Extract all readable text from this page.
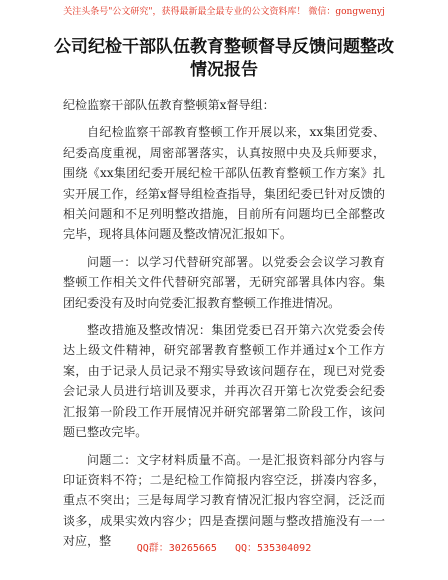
关注头条号"公文研究"，获得最新最全最专业的公文资料库！ 微信：gongwenyj
公司纪检干部队伍教育整顿督导反馈问题整改
情况报告

纪检监察干部队伍教育整顿第x督导组：

自纪检监察干部教育整顿工作开展以来，xx集团党委、纪委高度重视，周密部署落实，认真按照中央及兵师要求，围绕《xx集团纪委开展纪检干部队伍教育整顿工作方案》扎实开展工作，经第x督导组检查指导，集团纪委已针对反馈的相关问题和不足列明整改措施，目前所有问题均已全部整改完毕，现将具体问题及整改情况汇报如下。

问题一：以学习代替研究部署。以党委会会议学习教育整顿工作相关文件代替研究部署，无研究部署具体内容。集团纪委没有及时向党委汇报教育整顿工作推进情况。

整改措施及整改情况：集团党委已召开第六次党委会传达上级文件精神，研究部署教育整顿工作并通过x个工作方案，由于记录人员记录不翔实导致该问题存在，现已对党委会记录人员进行培训及要求，并再次召开第七次党委会纪委汇报第一阶段工作开展情况并研究部署第二阶段工作，该问题已整改完毕。

问题二：文字材料质量不高。一是汇报资料部分内容与印证资料不符；二是纪检工作简报内容空泛，拼凑内容多，重点不突出；三是每周学习教育情况汇报内容空洞，泛泛而谈多，成果实效内容少；四是查摆问题与整改措施没有一一对应，整

QQ群：30265665 QQ：535304092
